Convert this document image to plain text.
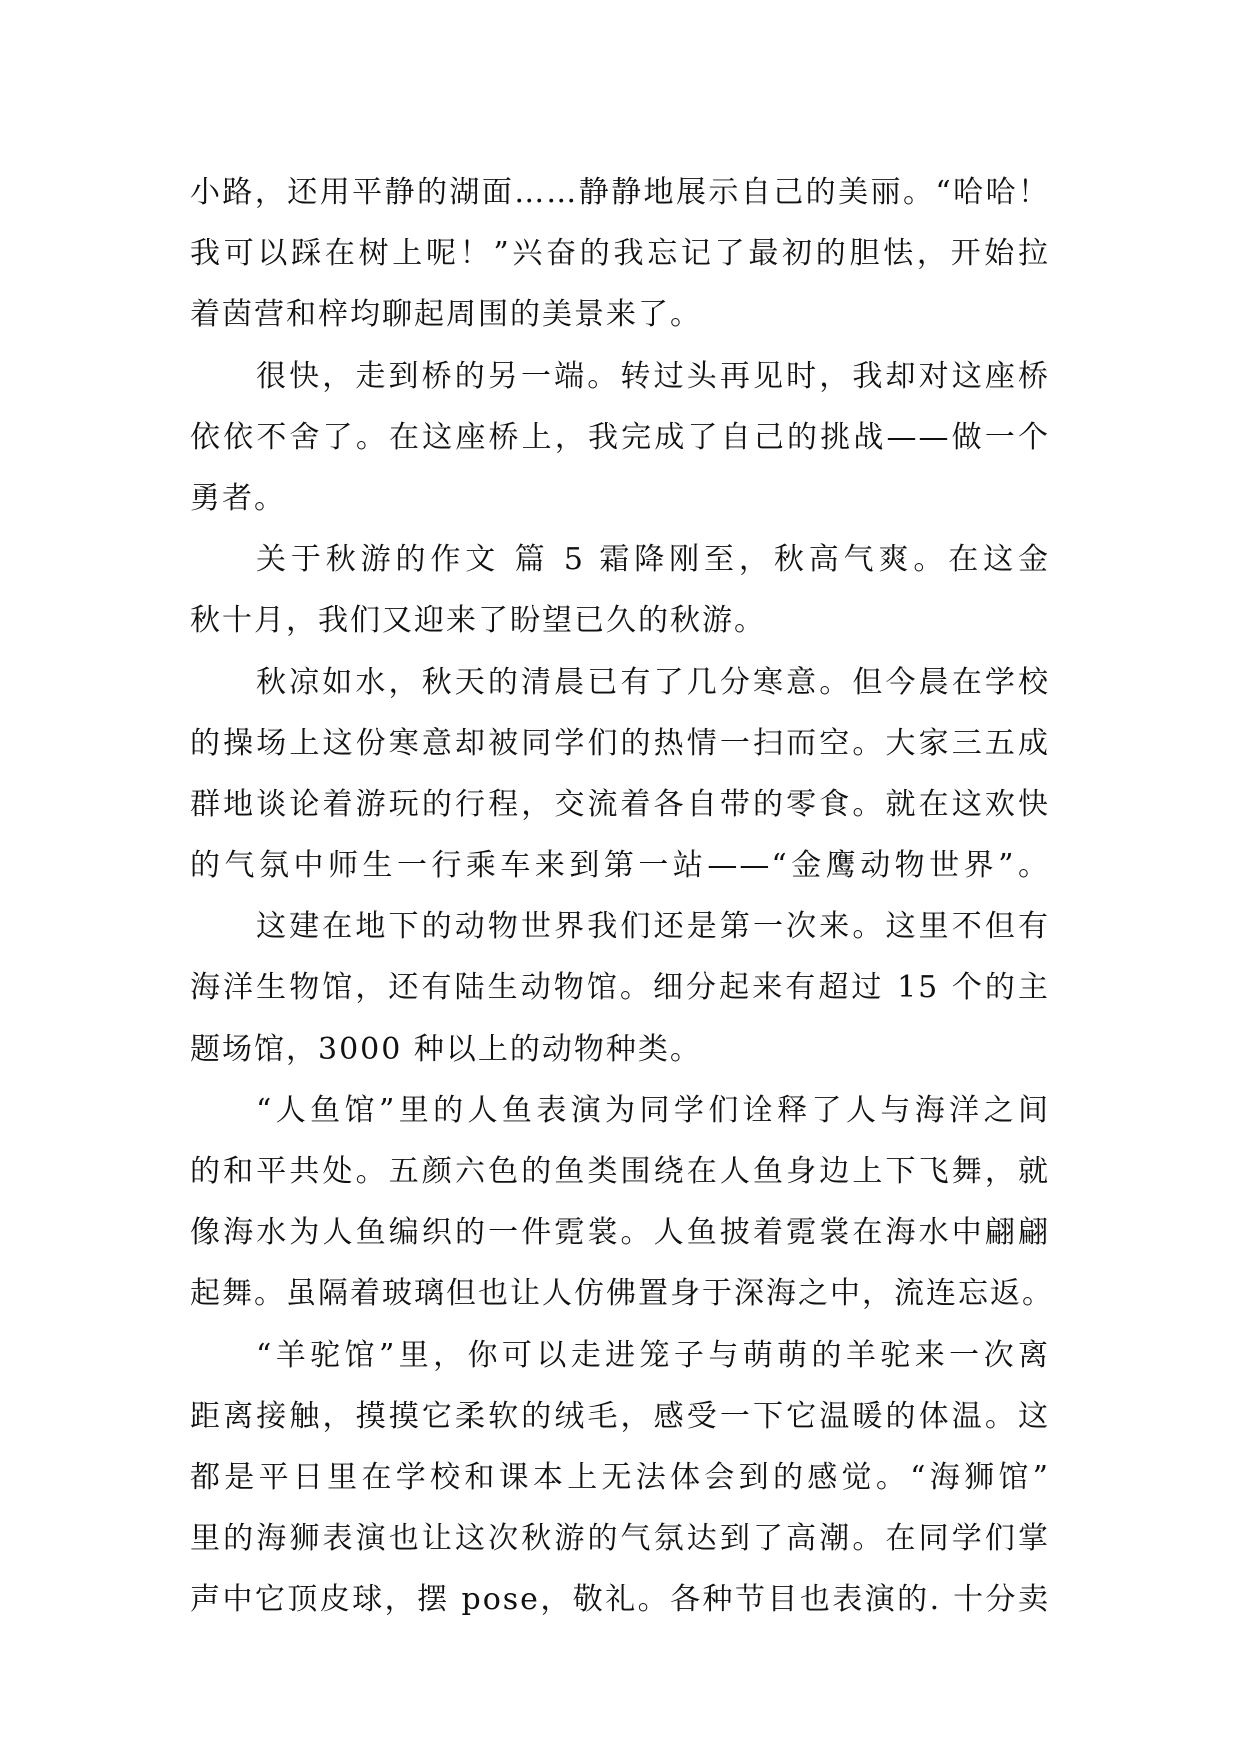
小路，还用平静的湖面……静静地展示自己的美丽。“哈哈！
我可以踩在树上呢！”兴奋的我忘记了最初的胆怯，开始拉
着茵营和梓均聊起周围的美景来了。
很快，走到桥的另一端。转过头再见时，我却对这座桥
依依不舍了。在这座桥上，我完成了自己的挑战——做一个
勇者。
关于秋游的作文 篇 5 霜降刚至，秋高气爽。在这金
秋十月，我们又迎来了盼望已久的秋游。
秋凉如水，秋天的清晨已有了几分寒意。但今晨在学校
的操场上这份寒意却被同学们的热情一扫而空。大家三五成
群地谈论着游玩的行程，交流着各自带的零食。就在这欢快
的气氛中师生一行乘车来到第一站——“金鹰动物世界”。
这建在地下的动物世界我们还是第一次来。这里不但有
海洋生物馆，还有陆生动物馆。细分起来有超过 15 个的主
题场馆，3000 种以上的动物种类。
“人鱼馆”里的人鱼表演为同学们诠释了人与海洋之间
的和平共处。五颜六色的鱼类围绕在人鱼身边上下飞舞，就
像海水为人鱼编织的一件霓裳。人鱼披着霓裳在海水中翩翩
起舞。虽隔着玻璃但也让人仿佛置身于深海之中，流连忘返。
“羊驼馆”里，你可以走进笼子与萌萌的羊驼来一次离
距离接触，摸摸它柔软的绒毛，感受一下它温暖的体温。这
都是平日里在学校和课本上无法体会到的感觉。“海狮馆”
里的海狮表演也让这次秋游的气氛达到了高潮。在同学们掌
声中它顶皮球，摆 pose，敬礼。各种节目也表演的. 十分卖
